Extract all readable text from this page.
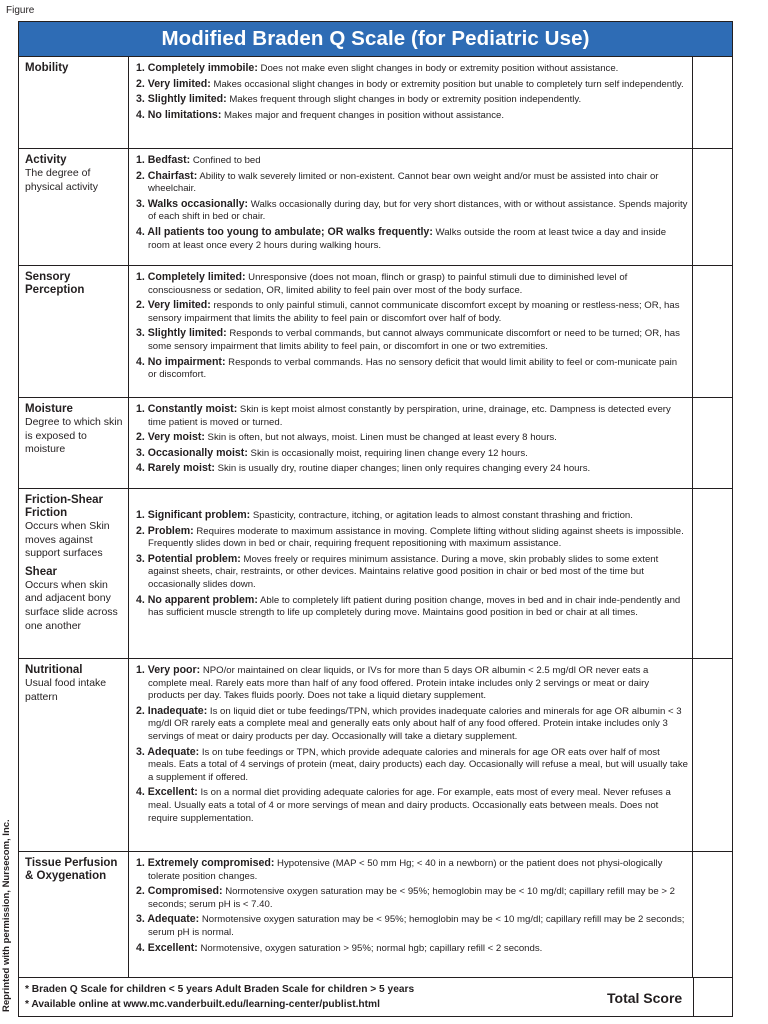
Figure
Reprinted with permission, Nursecom, Inc.
Modified Braden Q Scale (for Pediatric Use)
Mobility	1. Completely immobile: Does not make even slight changes in body or extremity position without assistance.
2. Very limited: Makes occasional slight changes in body or extremity position but unable to completely turn self independently.
3. Slightly limited: Makes frequent through slight changes in body or extremity position independently.
4. No limitations: Makes major and frequent changes in position without assistance.
Activity
The degree of physical activity
1. Bedfast: Confined to bed
2. Chairfast: Ability to walk severely limited or non-existent. Cannot bear own weight and/or must be assisted into chair or wheelchair.
3. Walks occasionally: Walks occasionally during day, but for very short distances, with or without assistance. Spends majority of each shift in bed or chair.
4. All patients too young to ambulate; OR walks frequently: Walks outside the room at least twice a day and inside room at least once every 2 hours during walking hours.
Sensory Perception
1. Completely limited: Unresponsive (does not moan, flinch or grasp) to painful stimuli due to diminished level of consciousness or sedation, OR, limited ability to feel pain over most of the body surface.
2. Very limited: responds to only painful stimuli, cannot communicate discomfort except by moaning or restless-ness; OR, has sensory impairment that limits the ability to feel pain or discomfort over half of body.
3. Slightly limited: Responds to verbal commands, but cannot always communicate discomfort or need to be turned; OR, has some sensory impairment that limits ability to feel pain, or discomfort in one or two extremities.
4. No impairment: Responds to verbal commands. Has no sensory deficit that would limit ability to feel or com-municate pain or discomfort.
Moisture
Degree to which skin is exposed to moisture
1. Constantly moist: Skin is kept moist almost constantly by perspiration, urine, drainage, etc. Dampness is detected every time patient is moved or turned.
2. Very moist: Skin is often, but not always, moist. Linen must be changed at least every 8 hours.
3. Occasionally moist: Skin is occasionally moist, requiring linen change every 12 hours.
4. Rarely moist: Skin is usually dry, routine diaper changes; linen only requires changing every 24 hours.
Friction-Shear Friction
Occurs when Skin moves against support surfaces
Shear
Occurs when skin and adjacent bony surface slide across one another
1. Significant problem: Spasticity, contracture, itching, or agitation leads to almost constant thrashing and friction.
2. Problem: Requires moderate to maximum assistance in moving. Complete lifting without sliding against sheets is impossible. Frequently slides down in bed or chair, requiring frequent repositioning with maximum assistance.
3. Potential problem: Moves freely or requires minimum assistance. During a move, skin probably slides to some extent against sheets, chair, restraints, or other devices. Maintains relative good position in chair or bed most of the time but occasionally slides down.
4. No apparent problem: Able to completely lift patient during position change, moves in bed and in chair inde-pendently and has sufficient muscle strength to life up completely during move. Maintains good position in bed or chair at all times.
Nutritional
Usual food intake pattern
1. Very poor: NPO/or maintained on clear liquids, or IVs for more than 5 days OR albumin < 2.5 mg/dl OR never eats a complete meal. Rarely eats more than half of any food offered. Protein intake includes only 2 servings or meat or dairy products per day. Takes fluids poorly. Does not take a liquid dietary supplement.
2. Inadequate: Is on liquid diet or tube feedings/TPN, which provides inadequate calories and minerals for age OR albumin < 3 mg/dl OR rarely eats a complete meal and generally eats only about half of any food offered. Protein intake includes only 3 servings of meat or dairy products per day. Occasionally will take a dietary supplement.
3. Adequate: Is on tube feedings or TPN, which provide adequate calories and minerals for age OR eats over half of most meals. Eats a total of 4 servings of protein (meat, dairy products) each day. Occasionally will refuse a meal, but will usually take a supplement if offered.
4. Excellent: Is on a normal diet providing adequate calories for age. For example, eats most of every meal. Never refuses a meal. Usually eats a total of 4 or more servings of mean and dairy products. Occasionally eats between meals. Does not require supplementation.
Tissue Perfusion & Oxygenation
1. Extremely compromised: Hypotensive (MAP < 50 mm Hg; < 40 in a newborn) or the patient does not physi-ologically tolerate position changes.
2. Compromised: Normotensive oxygen saturation may be < 95%; hemoglobin may be < 10 mg/dl; capillary refill may be > 2 seconds; serum pH is < 7.40.
3. Adequate: Normotensive oxygen saturation may be < 95%; hemoglobin may be < 10 mg/dl; capillary refill may be 2 seconds; serum pH is normal.
4. Excellent: Normotensive, oxygen saturation > 95%; normal hgb; capillary refill < 2 seconds.
* Braden Q Scale for children < 5 years Adult Braden Scale for children > 5 years
* Available online at www.mc.vanderbuilt.edu/learning-center/publist.html	Total Score
